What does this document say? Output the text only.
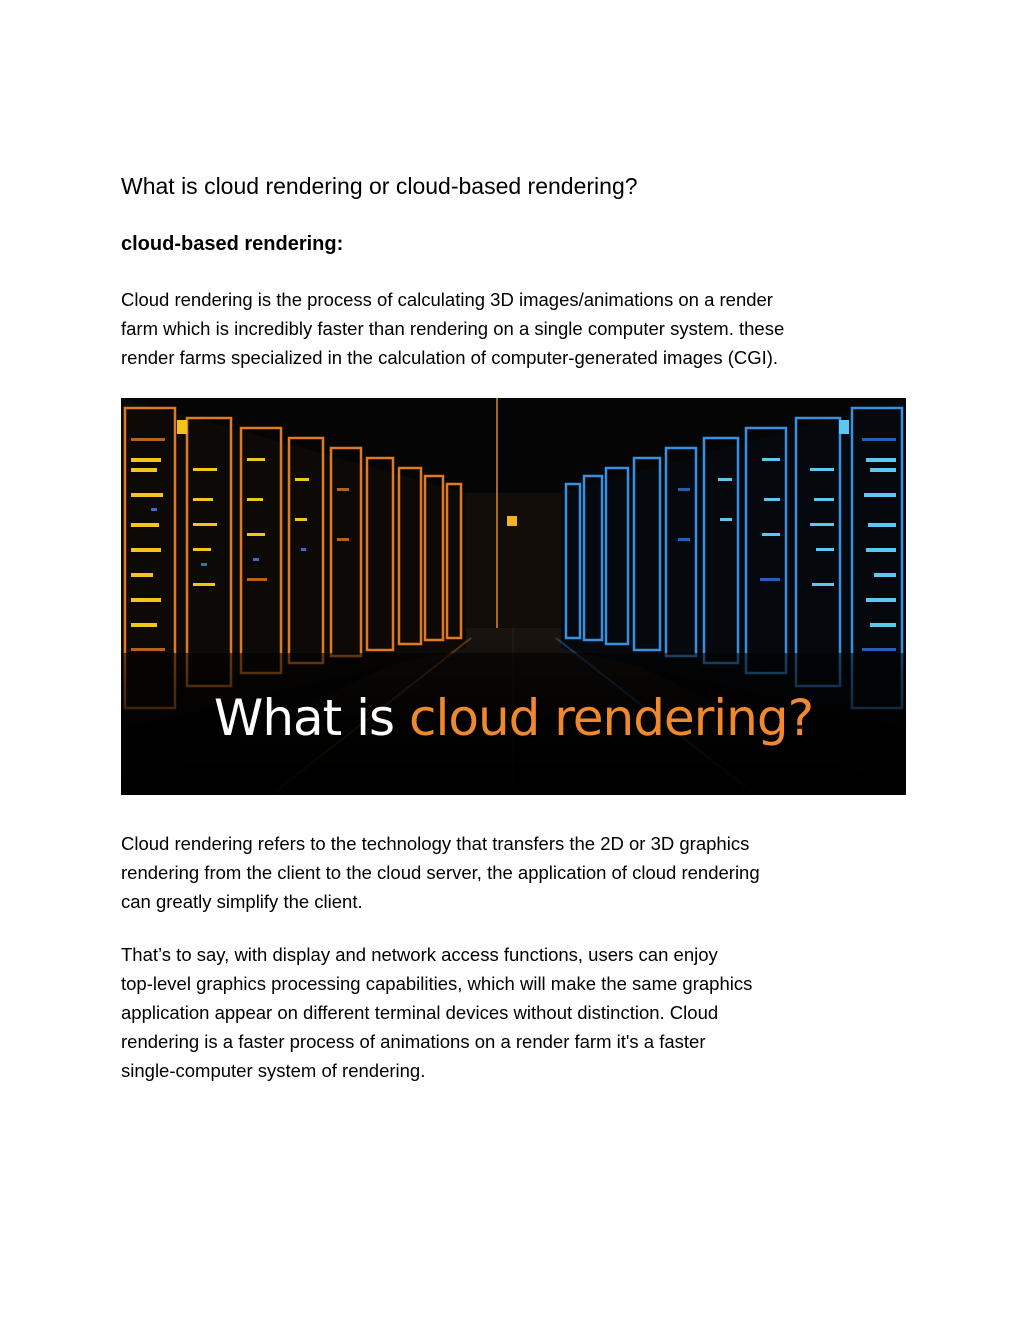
What is cloud rendering or cloud-based rendering?
cloud-based rendering:

Cloud rendering is the process of calculating 3D images/animations on a render
farm which is incredibly faster than rendering on a single computer system. these
render farms specialized in the calculation of computer-generated images (CGI).

What is cloud rendering?

Cloud rendering refers to the technology that transfers the 2D or 3D graphics
rendering from the client to the cloud server, the application of cloud rendering
can greatly simplify the client.

That’s to say, with display and network access functions, users can enjoy
top-level graphics processing capabilities, which will make the same graphics
application appear on different terminal devices without distinction. Cloud
rendering is a faster process of animations on a render farm it's a faster
single-computer system of rendering.
